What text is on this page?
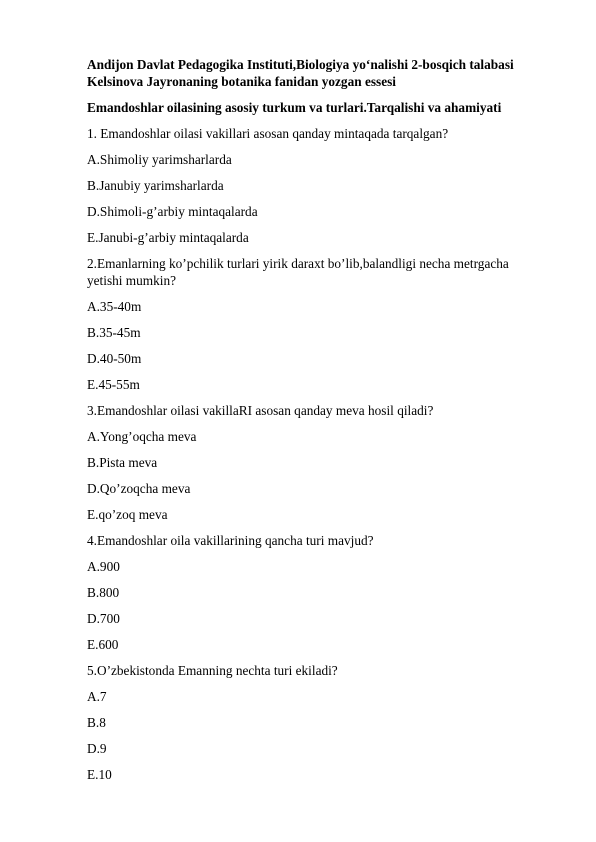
Andijon Davlat Pedagogika Instituti,Biologiya yo‘nalishi 2-bosqich talabasi
Kelsinova Jayronaning botanika fanidan yozgan essesi
Emandoshlar oilasining asosiy turkum va turlari.Tarqalishi va ahamiyati
1. Emandoshlar oilasi vakillari asosan qanday mintaqada tarqalgan?
A.Shimoliy yarimsharlarda
B.Janubiy yarimsharlarda
D.Shimoli-g’arbiy mintaqalarda
E.Janubi-g’arbiy mintaqalarda
2.Emanlarning ko’pchilik turlari yirik daraxt bo’lib,balandligi necha metrgacha
yetishi mumkin?
A.35-40m
B.35-45m
D.40-50m
E.45-55m
3.Emandoshlar oilasi vakillaRI asosan qanday meva hosil qiladi?
A.Yong’oqcha meva
B.Pista meva
D.Qo’zoqcha meva
E.qo’zoq meva
4.Emandoshlar oila vakillarining qancha turi mavjud?
A.900
B.800
D.700
E.600
5.O’zbekistonda Emanning nechta turi ekiladi?
A.7
B.8
D.9
E.10
